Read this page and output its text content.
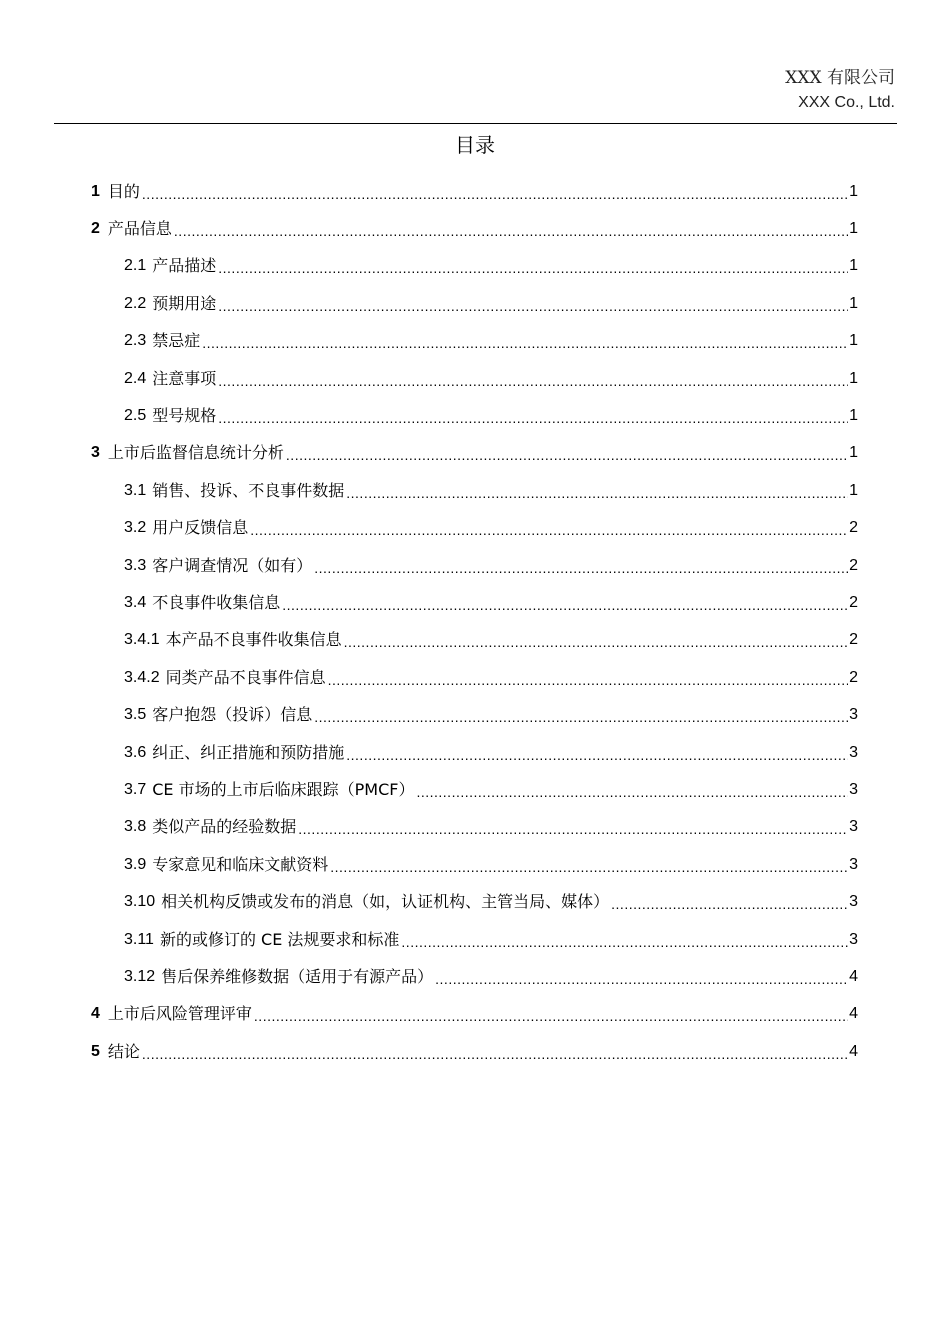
XXX 有限公司
XXX Co., Ltd.
目录
1 目的 .....	1
2 产品信息 .....	1
2.1 产品描述 .....	1
2.2 预期用途 .....	1
2.3 禁忌症 .....	1
2.4 注意事项 .....	1
2.5 型号规格 .....	1
3 上市后监督信息统计分析 .....	1
3.1 销售、投诉、不良事件数据 .....	1
3.2 用户反馈信息 .....	2
3.3 客户调查情况（如有） .....	2
3.4 不良事件收集信息 .....	2
3.4.1 本产品不良事件收集信息 .....	2
3.4.2 同类产品不良事件信息 .....	2
3.5 客户抱怨（投诉）信息 .....	3
3.6 纠正、纠正措施和预防措施 .....	3
3.7 CE 市场的上市后临床跟踪（PMCF） .....	3
3.8 类似产品的经验数据 .....	3
3.9 专家意见和临床文献资料 .....	3
3.10 相关机构反馈或发布的消息（如，认证机构、主管当局、媒体） .....	3
3.11 新的或修订的 CE 法规要求和标准 .....	3
3.12 售后保养维修数据（适用于有源产品） .....	4
4 上市后风险管理评审 .....	4
5 结论 .....	4
